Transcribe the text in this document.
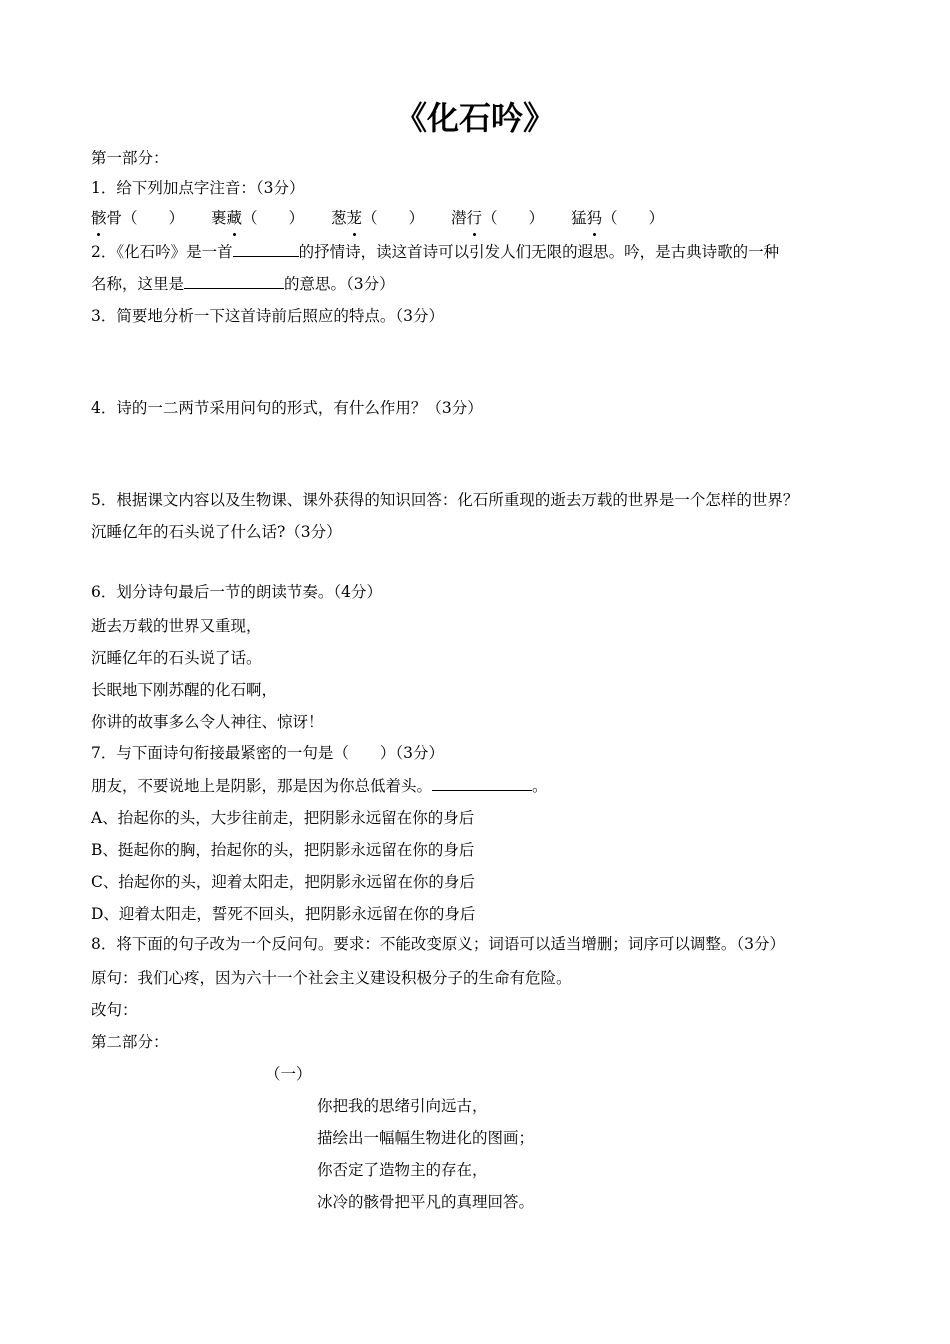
《化石吟》
第一部分：
1．给下列加点字注音：（3分）
骸骨（　　） 裹藏（　　） 葱茏（　　） 潜行（　　） 猛犸（　　）
2．《化石吟》是一首	的抒情诗，读这首诗可以引发人们无限的遐思。吟，是古典诗歌的一种
名称，这里是	的意思。（3分）
3．简要地分析一下这首诗前后照应的特点。（3分）
4．诗的一二两节采用问句的形式，有什么作用？（3分）
5．根据课文内容以及生物课、课外获得的知识回答：化石所重现的逝去万载的世界是一个怎样的世界？
沉睡亿年的石头说了什么话?（3分）
6．划分诗句最后一节的朗读节奏。（4分）
逝去万载的世界又重现，
沉睡亿年的石头说了话。
长眠地下刚苏醒的化石啊，
你讲的故事多么令人神往、惊讶！
7．与下面诗句衔接最紧密的一句是（　　）（3分）
朋友，不要说地上是阴影，那是因为你总低着头。	。
A、抬起你的头，大步往前走，把阴影永远留在你的身后
B、挺起你的胸，抬起你的头，把阴影永远留在你的身后
C、抬起你的头，迎着太阳走，把阴影永远留在你的身后
D、迎着太阳走，誓死不回头，把阴影永远留在你的身后
8．将下面的句子改为一个反问句。要求：不能改变原义；词语可以适当增删；词序可以调整。（3分）
原句：我们心疼，因为六十一个社会主义建设积极分子的生命有危险。
改句：
第二部分：
（一）
你把我的思绪引向远古，
描绘出一幅幅生物进化的图画；
你否定了造物主的存在，
冰冷的骸骨把平凡的真理回答。
